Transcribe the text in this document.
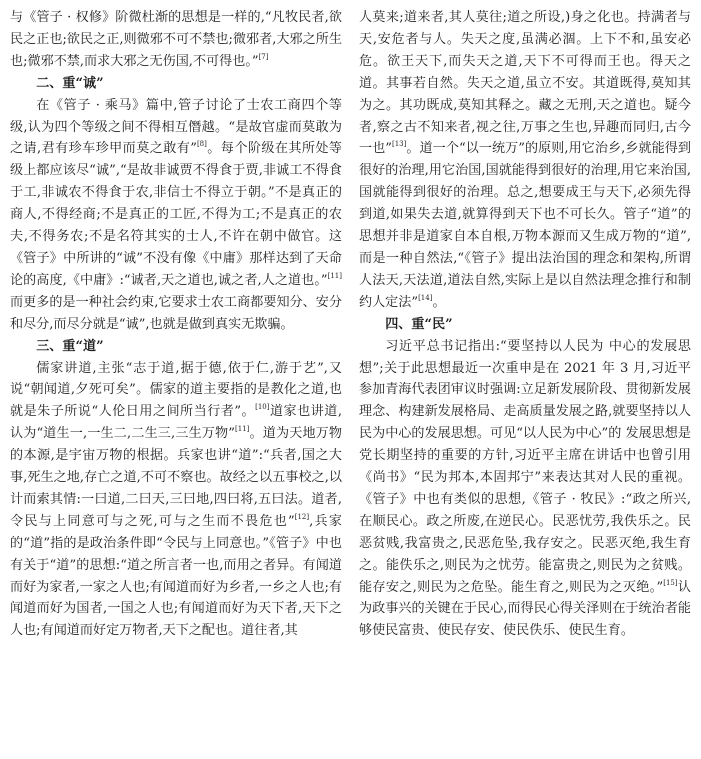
与《管子 · 权修》阶微杜渐的思想是一样的,“凡牧民者,欲民之正也;欲民之正,则微邪不可不禁也;微邪者,大邪之所生也;微邪不禁,而求大邪之无伤国,不可得也。”[7]

二、重“诚”

在《管子 · 乘马》篇中,管子讨论了士农工商四个等级,认为四个等级之间不得相互僭越。“是故官虚而莫敢为之请,君有珍车珍甲而莫之敢有”[8]。每个阶级在其所处等级上都应该尽“诚”,“是故非诚贾不得食于贾,非诚工不得食于工,非诚农不得食于农,非信士不得立于朝。”不是真正的商人,不得经商;不是真正的工匠,不得为工;不是真正的农夫,不得务农;不是名符其实的士人,不许在朝中做官。这《管子》中所讲的“诚”不没有像《中庸》那样达到了天命论的高度,《中庸》:“诚者,天之道也,诚之者,人之道也。”[11]而更多的是一种社会约束,它要求士农工商都要知分、安分和尽分,而尽分就是“诚”,也就是做到真实无欺骗。

三、重“道”

儒家讲道,主张“志于道,据于德,依于仁,游于艺”,又说“朝闻道,夕死可矣”。儒家的道主要指的是教化之道,也就是朱子所说“人伦日用之间所当行者”。[10]道家也讲道,认为“道生一,一生二,二生三,三生万物”[11]。道为天地万物的本源,是宇宙万物的根据。兵家也讲“道”:“兵者,国之大事,死生之地,存亡之道,不可不察也。故经之以五事校之,以计而索其情:一曰道,二曰天,三曰地,四曰将,五曰法。道者,令民与上同意可与之死,可与之生而不畏危也”[12],兵家的“道”指的是政治条件即“令民与上同意也。”《管子》中也有关于“道”的思想:“道之所言者一也,而用之者异。有闻道而好为家者,一家之人也;有闻道而好为乡者,一乡之人也;有闻道而好为国者,一国之人也;有闻道而好为天下者,天下之人也;有闻道而好定万物者,天下之配也。道往者,其

人莫来;道来者,其人莫往;道之所设,)身之化也。持满者与天,安危者与人。失天之度,虽满必涸。上下不和,虽安必危。欲王天下,而失天之道,天下不可得而王也。得天之道。其事若自然。失天之道,虽立不安。其道既得,莫知其为之。其功既成,莫知其释之。藏之无刑,天之道也。疑今者,察之古不知来者,视之往,万事之生也,异趣而同归,古今一也”[13]。道一个“以一统万”的原则,用它治乡,乡就能得到很好的治理,用它治国,国就能得到很好的治理,用它来治国,国就能得到很好的治理。总之,想要成王与天下,必须先得到道,如果失去道,就算得到天下也不可长久。管子“道”的思想并非是道家自本自根,万物本源而又生成万物的“道”,而是一种自然法,“《管子》提出法治国的理念和架构,所谓人法天,天法道,道法自然,实际上是以自然法理念推行和制约人定法”[14]。

四、重“民”

习近平总书记指出:“要坚持以人民为 中心的发展思想”;关于此思想最近一次重申是在 2021 年 3 月,习近平参加青海代表团审议时强调:立足新发展阶段、贯彻新发展理念、构建新发展格局、走高质量发展之路,就要坚持以人民为中心的发展思想。可见“以人民为中心”的 发展思想是党长期坚持的重要的方针,习近平主席在讲话中也曾引用《尚书》“民为邦本,本固邦宁”来表达其对人民的重视。《管子》中也有类似的思想,《管子 · 牧民》:“政之所兴,在顺民心。政之所废,在逆民心。民恶忧劳,我佚乐之。民恶贫贱,我富贵之,民恶危坠,我存安之。民恶灭绝,我生育之。能佚乐之,则民为之忧劳。能富贵之,则民为之贫贱。能存安之,则民为之危坠。能生育之,则民为之灭绝。”[15]认为政事兴的关键在于民心,而得民心得关泽则在于统治者能够使民富贵、使民存安、使民佚乐、使民生育。
